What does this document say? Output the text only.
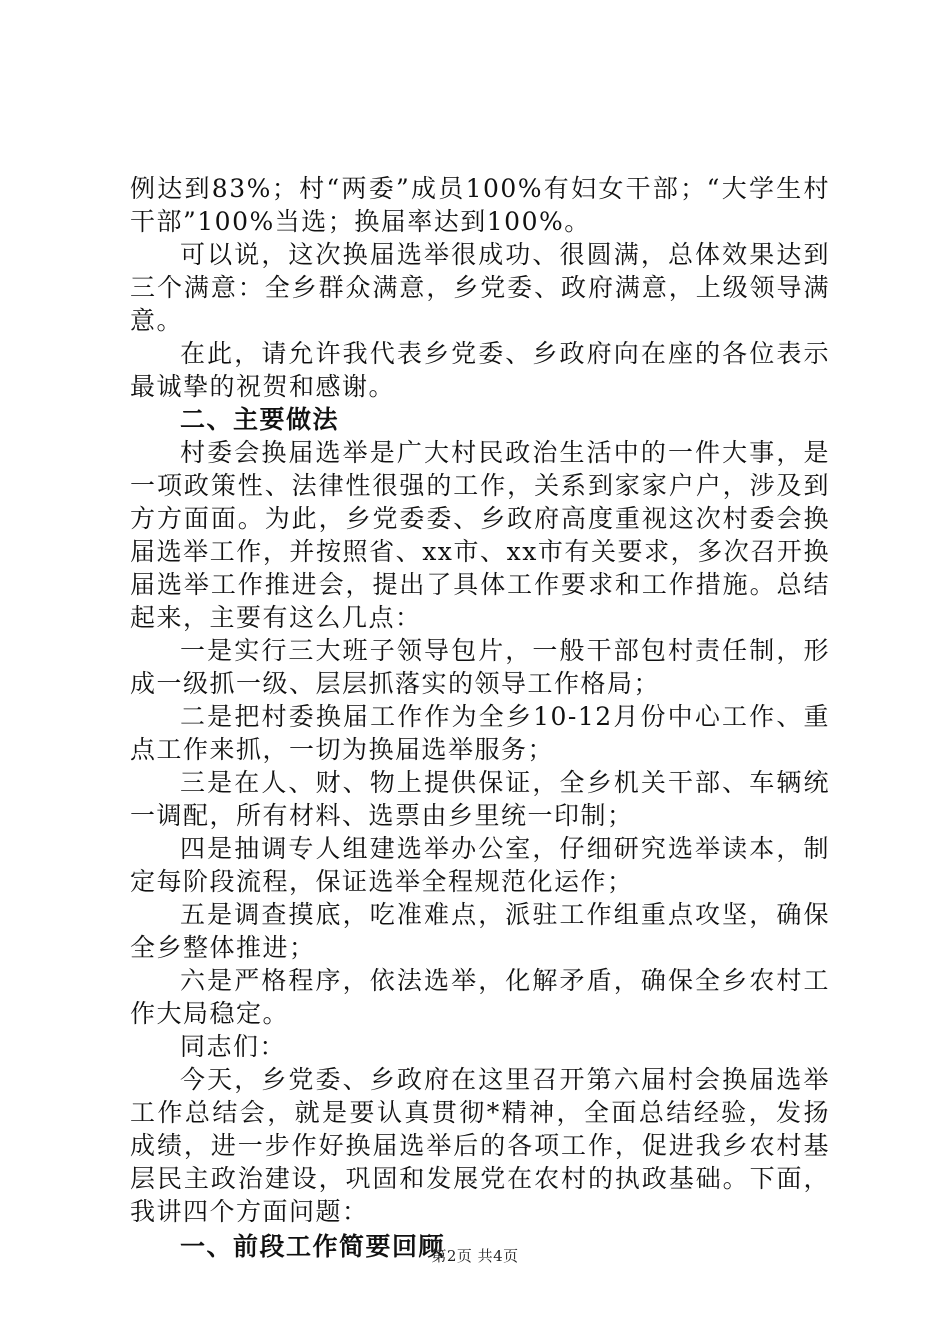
例达到83%；村“两委”成员100%有妇女干部；“大学生村干部”100%当选；换届率达到100%。

可以说，这次换届选举很成功、很圆满，总体效果达到三个满意：全乡群众满意，乡党委、政府满意，上级领导满意。

在此，请允许我代表乡党委、乡政府向在座的各位表示最诚挚的祝贺和感谢。

二、主要做法

村委会换届选举是广大村民政治生活中的一件大事，是一项政策性、法律性很强的工作，关系到家家户户，涉及到方方面面。为此，乡党委委、乡政府高度重视这次村委会换届选举工作，并按照省、xx市、xx市有关要求，多次召开换届选举工作推进会，提出了具体工作要求和工作措施。总结起来，主要有这么几点：

一是实行三大班子领导包片，一般干部包村责任制，形成一级抓一级、层层抓落实的领导工作格局；

二是把村委换届工作作为全乡10-12月份中心工作、重点工作来抓，一切为换届选举服务；

三是在人、财、物上提供保证，全乡机关干部、车辆统一调配，所有材料、选票由乡里统一印制；

四是抽调专人组建选举办公室，仔细研究选举读本，制定每阶段流程，保证选举全程规范化运作；

五是调查摸底，吃准难点，派驻工作组重点攻坚，确保全乡整体推进；

六是严格程序，依法选举，化解矛盾，确保全乡农村工作大局稳定。

同志们：

今天，乡党委、乡政府在这里召开第六届村会换届选举工作总结会，就是要认真贯彻*精神，全面总结经验，发扬成绩，进一步作好换届选举后的各项工作，促进我乡农村基层民主政治建设，巩固和发展党在农村的执政基础。下面，我讲四个方面问题：

一、前段工作简要回顾
第2页 共4页
